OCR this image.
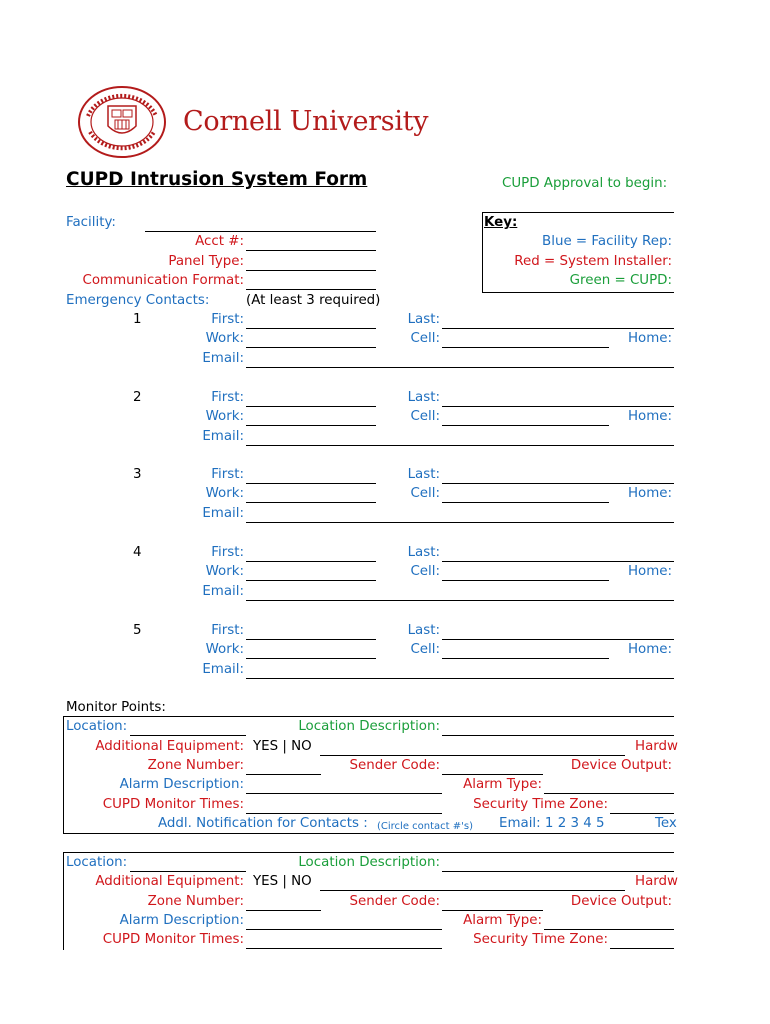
Cornell University
CUPD Intrusion System Form	CUPD Approval to begin:
Facility:
Acct #:
Panel Type:
Communication Format:
Emergency Contacts:	(At least 3 required)
Key:
Blue = Facility Rep:
Red = System Installer:
Green = CUPD:
1	First:	Last:
Work:	Cell:	Home:
Email:
2	First:	Last:
Work:	Cell:	Home:
Email:
3	First:	Last:
Work:	Cell:	Home:
Email:
4	First:	Last:
Work:	Cell:	Home:
Email:
5	First:	Last:
Work:	Cell:	Home:
Email:
Monitor Points:
Location:	Location Description:
Additional Equipment: YES | NO	Hardw
Zone Number:	Sender Code:	Device Output:
Alarm Description:	Alarm Type:
CUPD Monitor Times:	Security Time Zone:
Addl. Notification for Contacts : (Circle contact #'s) Email: 1 2 3 4 5	Tex
Location:	Location Description:
Additional Equipment: YES | NO	Hardw
Zone Number:	Sender Code:	Device Output:
Alarm Description:	Alarm Type:
CUPD Monitor Times:	Security Time Zone:
